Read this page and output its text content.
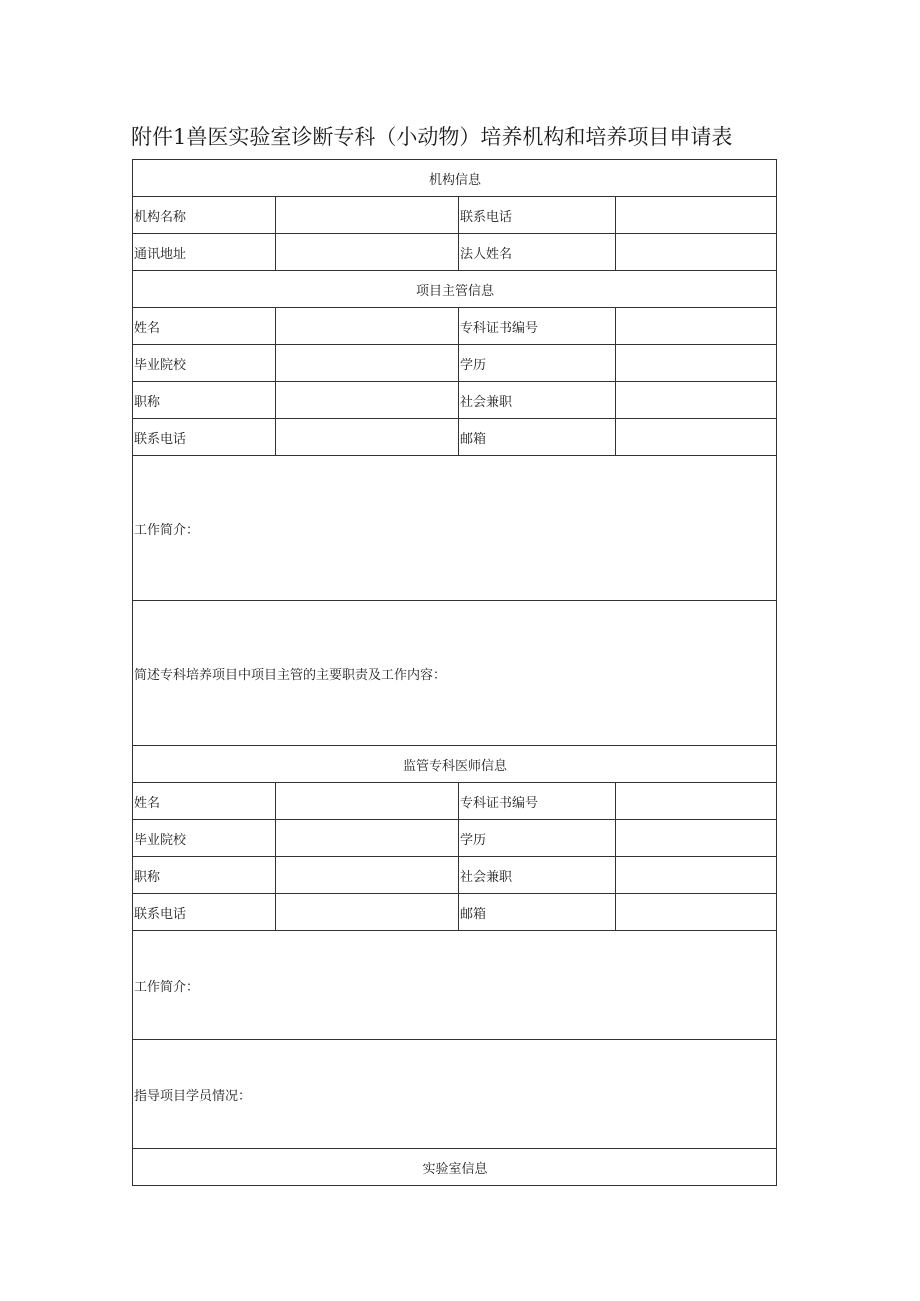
附件1兽医实验室诊断专科（小动物）培养机构和培养项目申请表
机构信息			
机构名称		联系电话	
通讯地址		法人姓名	
项目主管信息			
姓名		专科证书编号	
毕业院校		学历	
职称		社会兼职	
联系电话		邮箱	
工作简介：			
简述专科培养项目中项目主管的主要职责及工作内容：			
监管专科医师信息			
姓名		专科证书编号	
毕业院校		学历	
职称		社会兼职	
联系电话		邮箱	
工作简介：			
指导项目学员情况：			
实验室信息			
